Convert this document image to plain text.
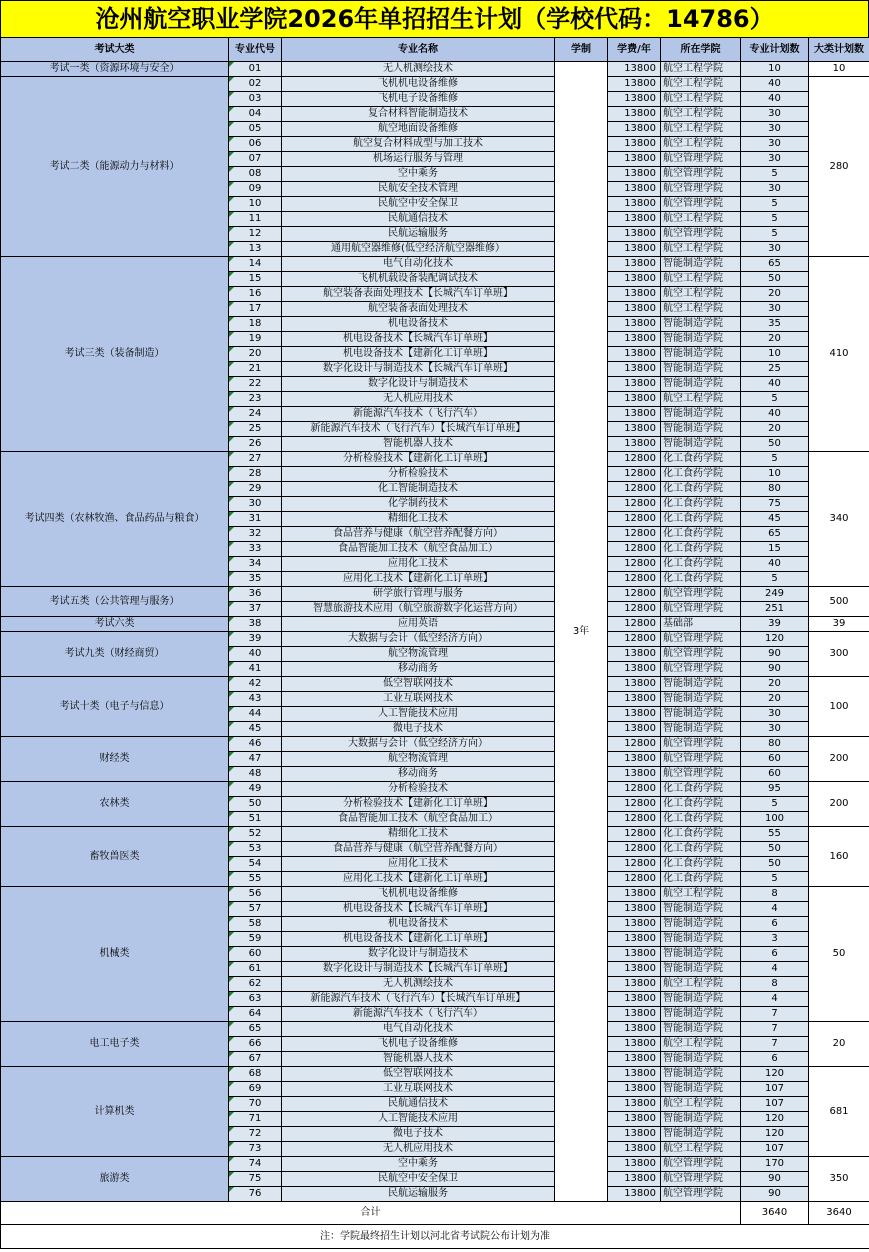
沧州航空职业学院2026年单招招生计划（学校代码：14786）
考试大类	专业代号	专业名称	学制	学费/年	所在学院	专业计划数	大类计划数
考试一类（资源环境与安全）	01	无人机测绘技术	3年	13800	航空工程学院	10	10
考试二类（能源动力与材料）	02	飞机机电设备维修		13800	航空工程学院	40	280
	03	飞机电子设备维修		13800	航空工程学院	40	
	04	复合材料智能制造技术		13800	航空工程学院	30	
	05	航空地面设备维修		13800	航空工程学院	30	
	06	航空复合材料成型与加工技术		13800	航空工程学院	30	
	07	机场运行服务与管理		13800	航空管理学院	30	
	08	空中乘务		13800	航空管理学院	5	
	09	民航安全技术管理		13800	航空管理学院	30	
	10	民航空中安全保卫		13800	航空管理学院	5	
	11	民航通信技术		13800	航空工程学院	5	
	12	民航运输服务		13800	航空管理学院	5	
	13	通用航空器维修(低空经济航空器维修）		13800	航空工程学院	30	
考试三类（装备制造）	14	电气自动化技术		13800	智能制造学院	65	410
	15	飞机机载设备装配调试技术		13800	航空工程学院	50	
	16	航空装备表面处理技术【长城汽车订单班】		13800	航空工程学院	20	
	17	航空装备表面处理技术		13800	航空工程学院	30	
	18	机电设备技术		13800	智能制造学院	35	
	19	机电设备技术【长城汽车订单班】		13800	智能制造学院	20	
	20	机电设备技术【建新化工订单班】		13800	智能制造学院	10	
	21	数字化设计与制造技术【长城汽车订单班】		13800	智能制造学院	25	
	22	数字化设计与制造技术		13800	智能制造学院	40	
	23	无人机应用技术		13800	航空工程学院	5	
	24	新能源汽车技术（飞行汽车）		13800	智能制造学院	40	
	25	新能源汽车技术（飞行汽车）【长城汽车订单班】		13800	智能制造学院	20	
	26	智能机器人技术		13800	智能制造学院	50	
考试四类（农林牧渔、食品药品与粮食）	27	分析检验技术【建新化工订单班】		12800	化工食药学院	5	340
	28	分析检验技术		12800	化工食药学院	10	
	29	化工智能制造技术		12800	化工食药学院	80	
	30	化学制药技术		12800	化工食药学院	75	
	31	精细化工技术		12800	化工食药学院	45	
	32	食品营养与健康（航空营养配餐方向）		12800	化工食药学院	65	
	33	食品智能加工技术（航空食品加工）		12800	化工食药学院	15	
	34	应用化工技术		12800	化工食药学院	40	
	35	应用化工技术【建新化工订单班】		12800	化工食药学院	5	
考试五类（公共管理与服务）	36	研学旅行管理与服务		12800	航空管理学院	249	500
	37	智慧旅游技术应用（航空旅游数字化运营方向）		12800	航空管理学院	251	
考试六类	38	应用英语		12800	基础部	39	39
考试九类（财经商贸）	39	大数据与会计（低空经济方向）		12800	航空管理学院	120	300
	40	航空物流管理		13800	航空管理学院	90	
	41	移动商务		13800	航空管理学院	90	
考试十类（电子与信息）	42	低空智联网技术		13800	智能制造学院	20	100
	43	工业互联网技术		13800	智能制造学院	20	
	44	人工智能技术应用		13800	智能制造学院	30	
	45	微电子技术		13800	智能制造学院	30	
财经类	46	大数据与会计（低空经济方向）		12800	航空管理学院	80	200
	47	航空物流管理		13800	航空管理学院	60	
	48	移动商务		13800	航空管理学院	60	
农林类	49	分析检验技术		12800	化工食药学院	95	200
	50	分析检验技术【建新化工订单班】		12800	化工食药学院	5	
	51	食品智能加工技术（航空食品加工）		12800	化工食药学院	100	
畜牧兽医类	52	精细化工技术		12800	化工食药学院	55	160
	53	食品营养与健康（航空营养配餐方向）		12800	化工食药学院	50	
	54	应用化工技术		12800	化工食药学院	50	
	55	应用化工技术【建新化工订单班】		12800	化工食药学院	5	
机械类	56	飞机机电设备维修		13800	航空工程学院	8	50
	57	机电设备技术【长城汽车订单班】		13800	智能制造学院	4	
	58	机电设备技术		13800	智能制造学院	6	
	59	机电设备技术【建新化工订单班】		13800	智能制造学院	3	
	60	数字化设计与制造技术		13800	智能制造学院	6	
	61	数字化设计与制造技术【长城汽车订单班】		13800	智能制造学院	4	
	62	无人机测绘技术		13800	航空工程学院	8	
	63	新能源汽车技术（飞行汽车）【长城汽车订单班】		13800	智能制造学院	4	
	64	新能源汽车技术（飞行汽车）		13800	智能制造学院	7	
电工电子类	65	电气自动化技术		13800	智能制造学院	7	20
	66	飞机电子设备维修		13800	航空工程学院	7	
	67	智能机器人技术		13800	智能制造学院	6	
计算机类	68	低空智联网技术		13800	智能制造学院	120	681
	69	工业互联网技术		13800	智能制造学院	107	
	70	民航通信技术		13800	航空工程学院	107	
	71	人工智能技术应用		13800	智能制造学院	120	
	72	微电子技术		13800	智能制造学院	120	
	73	无人机应用技术		13800	航空工程学院	107	
旅游类	74	空中乘务		13800	航空管理学院	170	350
	75	民航空中安全保卫		13800	航空管理学院	90	
	76	民航运输服务		13800	航空管理学院	90	
合计						3640	3640
注：学院最终招生计划以河北省考试院公布计划为准							
